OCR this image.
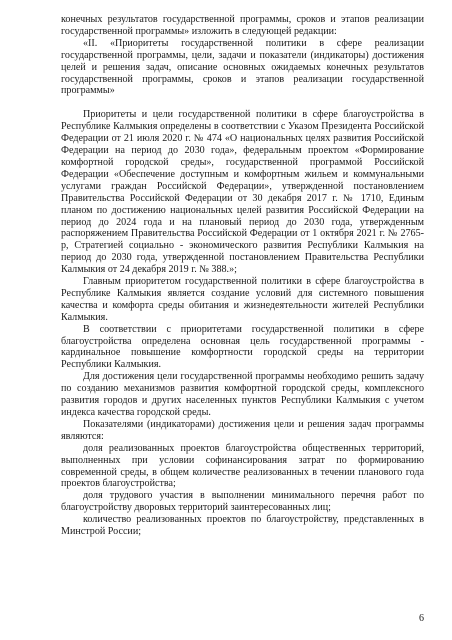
конечных результатов государственной программы, сроков и этапов реализации государственной программы» изложить в следующей редакции:

«II. «Приоритеты государственной политики в сфере реализации государственной программы, цели, задачи и показатели (индикаторы) достижения целей и решения задач, описание основных ожидаемых конечных результатов государственной программы, сроков и этапов реализации государственной программы»

Приоритеты и цели государственной политики в сфере благоустройства в Республике Калмыкия определены в соответствии с Указом Президента Российской Федерации от 21 июля 2020 г. № 474 «О национальных целях развития Российской Федерации на период до 2030 года», федеральным проектом «Формирование комфортной городской среды», государственной программой Российской Федерации «Обеспечение доступным и комфортным жильем и коммунальными услугами граждан Российской Федерации», утвержденной постановлением Правительства Российской Федерации от 30 декабря 2017 г. № 1710, Единым планом по достижению национальных целей развития Российской Федерации на период до 2024 года и на плановый период до 2030 года, утвержденным распоряжением Правительства Российской Федерации от 1 октября 2021 г. № 2765-р, Стратегией социально - экономического развития Республики Калмыкия на период до 2030 года, утвержденной постановлением Правительства Республики Калмыкия от 24 декабря 2019 г. № 388.»;

Главным приоритетом государственной политики в сфере благоустройства в Республике Калмыкия является создание условий для системного повышения качества и комфорта среды обитания и жизнедеятельности жителей Республики Калмыкия.

В соответствии с приоритетами государственной политики в сфере благоустройства определена основная цель государственной программы - кардинальное повышение комфортности городской среды на территории Республики Калмыкия.

Для достижения цели государственной программы необходимо решить задачу по созданию механизмов развития комфортной городской среды, комплексного развития городов и других населенных пунктов Республики Калмыкия с учетом индекса качества городской среды.

Показателями (индикаторами) достижения цели и решения задач программы являются:

доля реализованных проектов благоустройства общественных территорий, выполненных при условии софинансирования затрат по формированию современной среды, в общем количестве реализованных в течении планового года проектов благоустройства;

доля трудового участия в выполнении минимального перечня работ по благоустройству дворовых территорий заинтересованных лиц;

количество реализованных проектов по благоустройству, представленных в Минстрой России;

6
